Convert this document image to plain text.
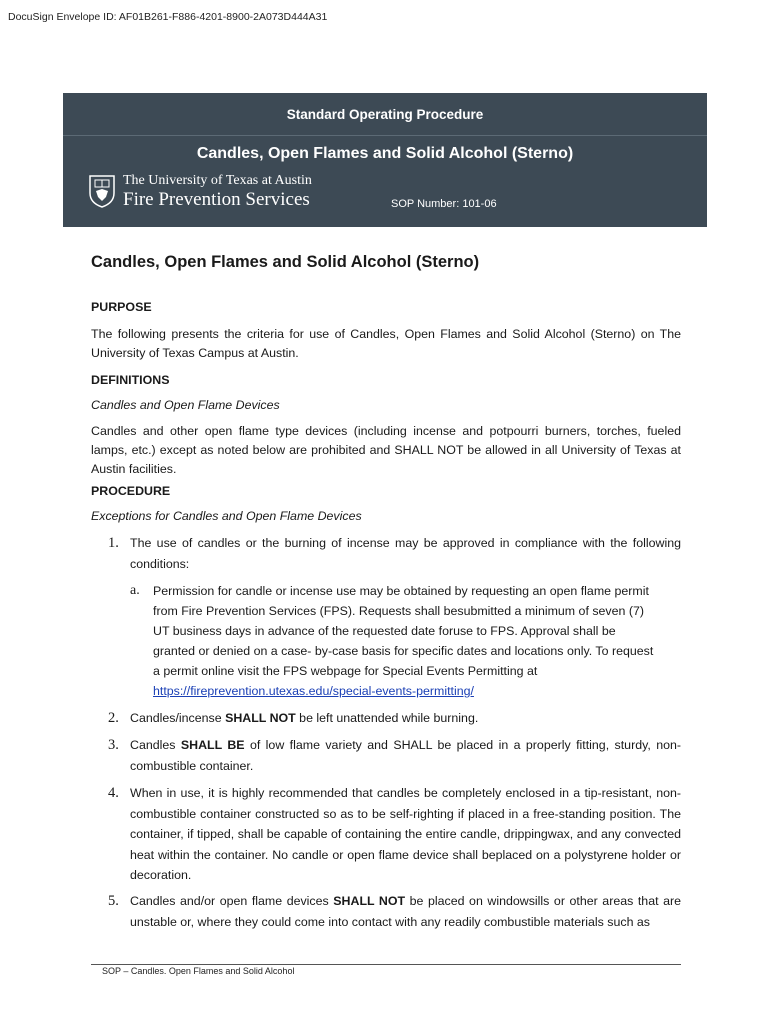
DocuSign Envelope ID: AF01B261-F886-4201-8900-2A073D444A31
Standard Operating Procedure
Candles, Open Flames and Solid Alcohol (Sterno)
The University of Texas at Austin
Fire Prevention Services	SOP Number: 101-06
Candles, Open Flames and Solid Alcohol (Sterno)
PURPOSE
The following presents the criteria for use of Candles, Open Flames and Solid Alcohol (Sterno) on The University of Texas Campus at Austin.
DEFINITIONS
Candles and Open Flame Devices
Candles and other open flame type devices (including incense and potpourri burners, torches, fueled lamps, etc.) except as noted below are prohibited and SHALL NOT be allowed in all University of Texas at Austin facilities.
PROCEDURE
Exceptions for Candles and Open Flame Devices
1. The use of candles or the burning of incense may be approved in compliance with the following conditions:
a. Permission for candle or incense use may be obtained by requesting an open flame permit from Fire Prevention Services (FPS). Requests shall besubmitted a minimum of seven (7) UT business days in advance of the requested date foruse to FPS. Approval shall be granted or denied on a case- by-case basis for specific dates and locations only. To request a permit online visit the FPS webpage for Special Events Permitting at https://fireprevention.utexas.edu/special-events-permitting/
2. Candles/incense SHALL NOT be left unattended while burning.
3. Candles SHALL BE of low flame variety and SHALL be placed in a properly fitting, sturdy, non-combustible container.
4. When in use, it is highly recommended that candles be completely enclosed in a tip-resistant, non-combustible container constructed so as to be self-righting if placed in a free-standing position. The container, if tipped, shall be capable of containing the entire candle, drippingwax, and any convected heat within the container. No candle or open flame device shall beplaced on a polystyrene holder or decoration.
5. Candles and/or open flame devices SHALL NOT be placed on windowsills or other areas that are unstable or, where they could come into contact with any readily combustible materials such as
SOP – Candles. Open Flames and Solid Alcohol
